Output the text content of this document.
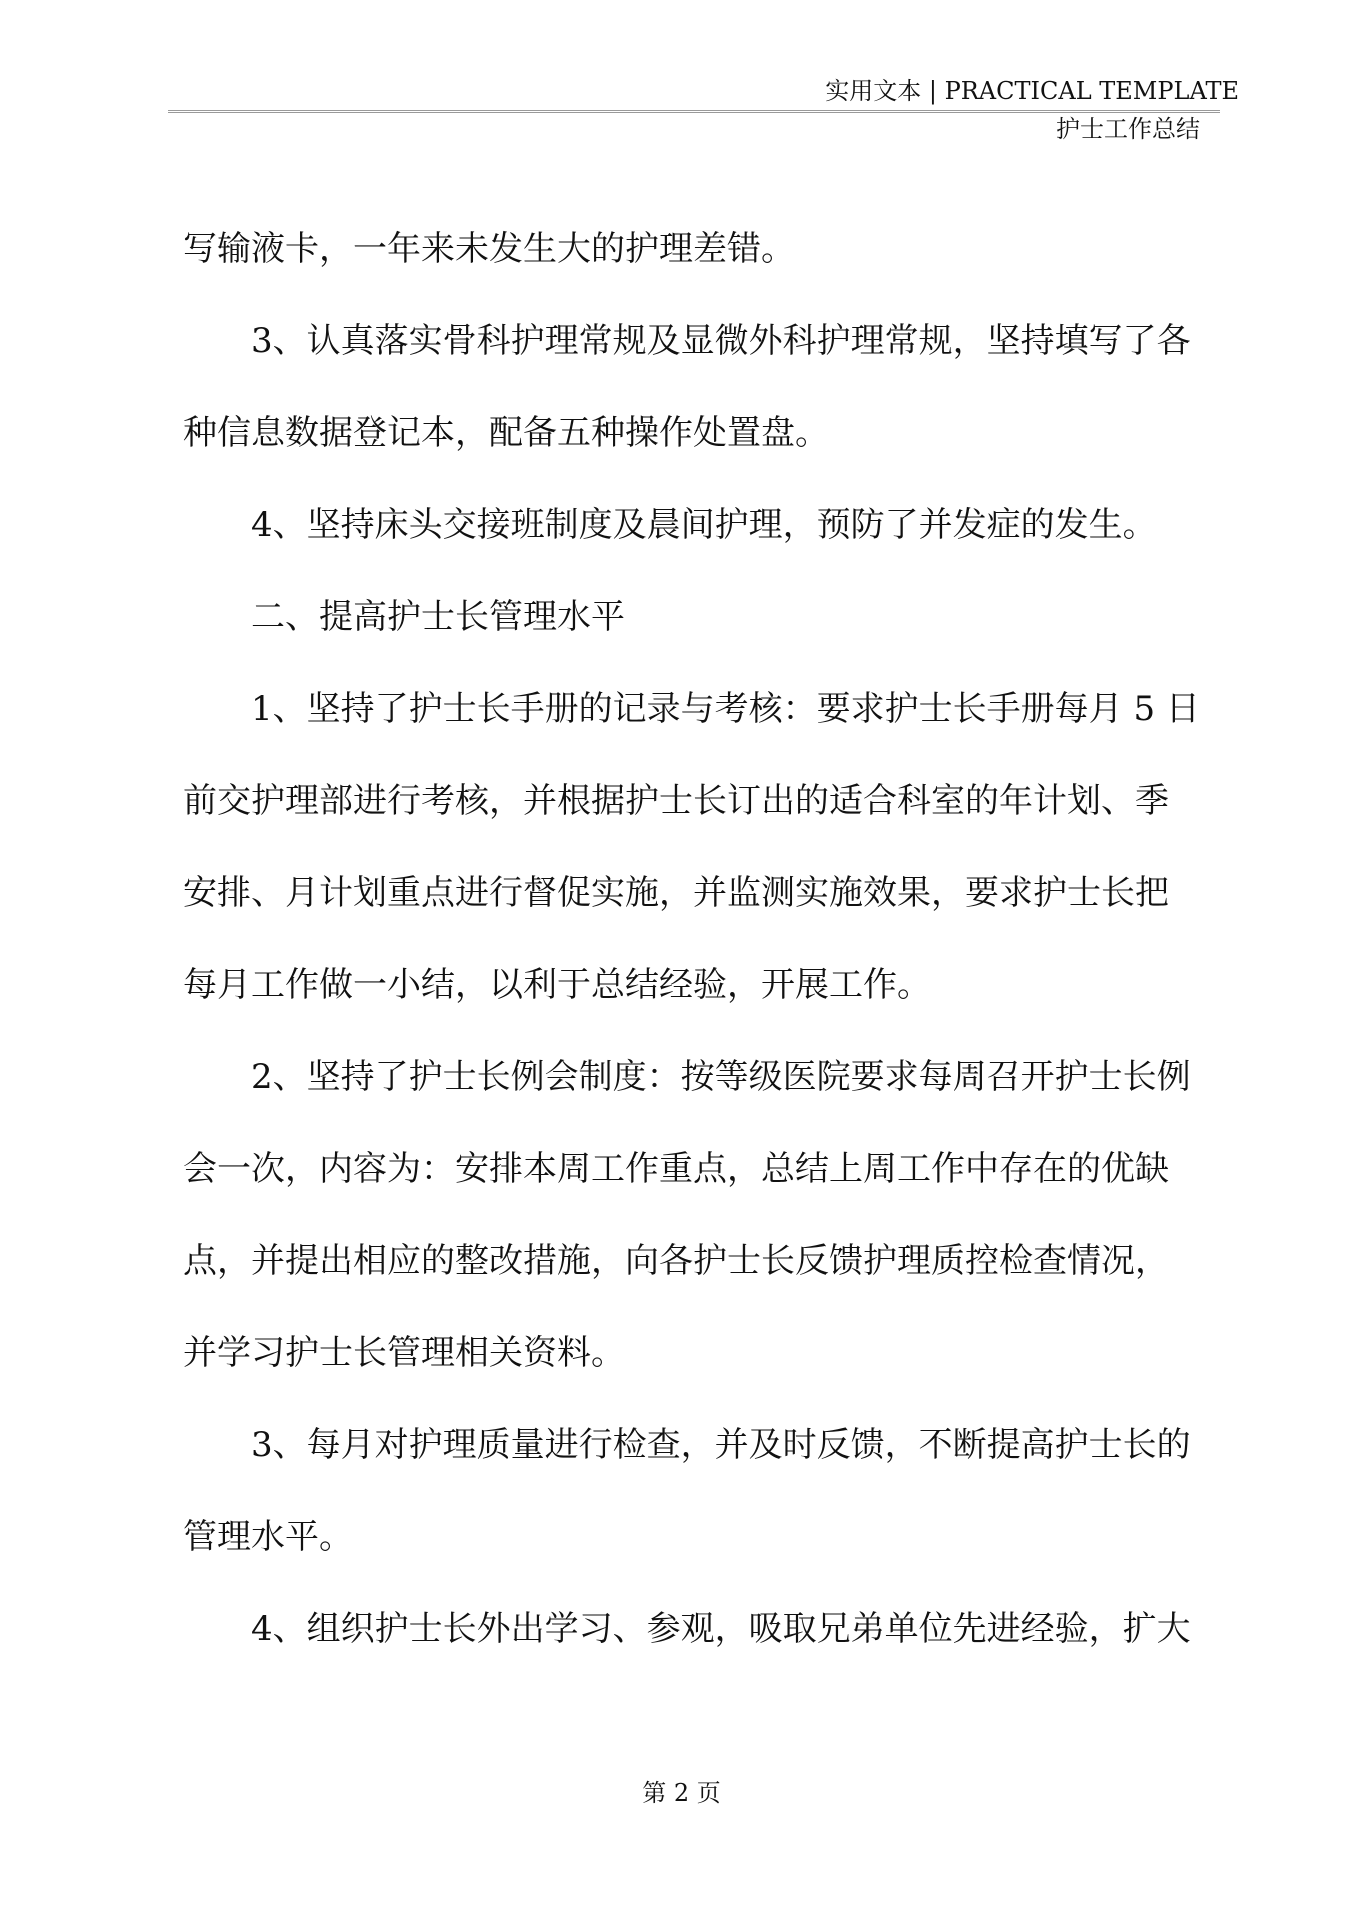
实用文本 | PRACTICAL TEMPLATE
护士工作总结
写输液卡，一年来未发生大的护理差错。
3、认真落实骨科护理常规及显微外科护理常规，坚持填写了各
种信息数据登记本，配备五种操作处置盘。
4、坚持床头交接班制度及晨间护理，预防了并发症的发生。
二、提高护士长管理水平
1、坚持了护士长手册的记录与考核：要求护士长手册每月 5 日
前交护理部进行考核，并根据护士长订出的适合科室的年计划、季
安排、月计划重点进行督促实施，并监测实施效果，要求护士长把
每月工作做一小结，以利于总结经验，开展工作。
2、坚持了护士长例会制度：按等级医院要求每周召开护士长例
会一次，内容为：安排本周工作重点，总结上周工作中存在的优缺
点，并提出相应的整改措施，向各护士长反馈护理质控检查情况，
并学习护士长管理相关资料。
3、每月对护理质量进行检查，并及时反馈，不断提高护士长的
管理水平。
4、组织护士长外出学习、参观，吸取兄弟单位先进经验，扩大
第 2 页
